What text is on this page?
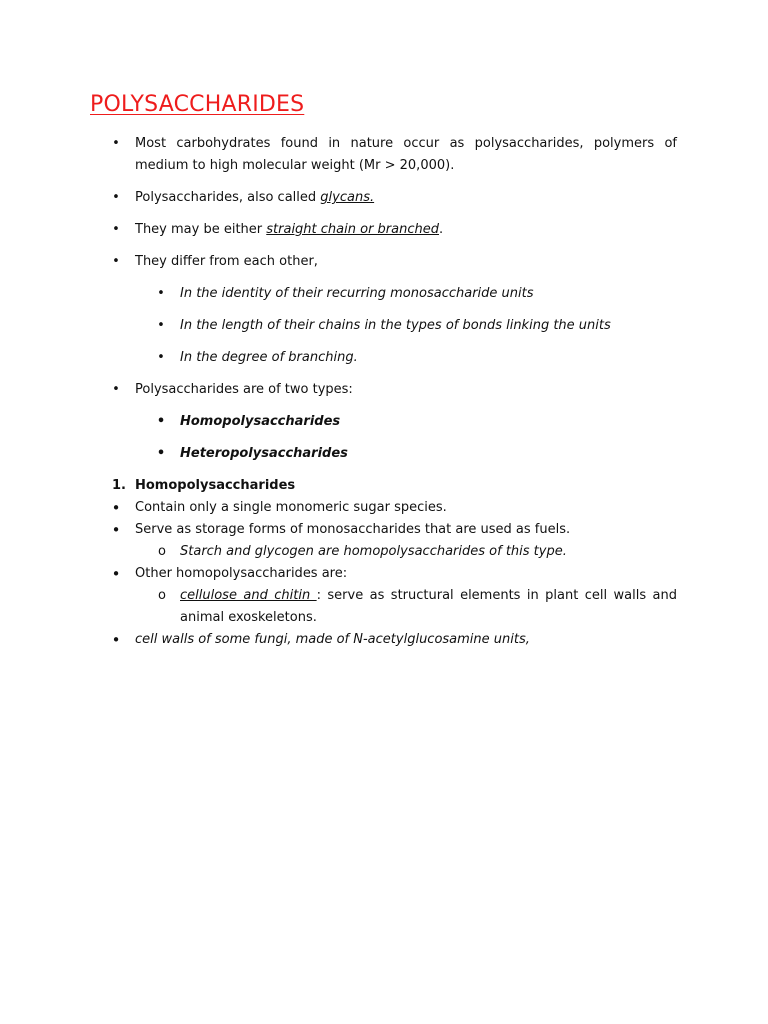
POLYSACCHARIDES
• Most carbohydrates found in nature occur as polysaccharides, polymers of medium to high molecular weight (Mr > 20,000).
• Polysaccharides, also called glycans.
• They may be either straight chain or branched.
• They differ from each other,
• In the identity of their recurring monosaccharide units
• In the length of their chains in the types of bonds linking the units
• In the degree of branching.
• Polysaccharides are of two types:
• Homopolysaccharides
• Heteropolysaccharides
1. Homopolysaccharides
• Contain only a single monomeric sugar species.
• Serve as storage forms of monosaccharides that are used as fuels.
o Starch and glycogen are homopolysaccharides of this type.
• Other homopolysaccharides are:
o cellulose and chitin : serve as structural elements in plant cell walls and animal exoskeletons.
• cell walls of some fungi, made of N-acetylglucosamine units,
